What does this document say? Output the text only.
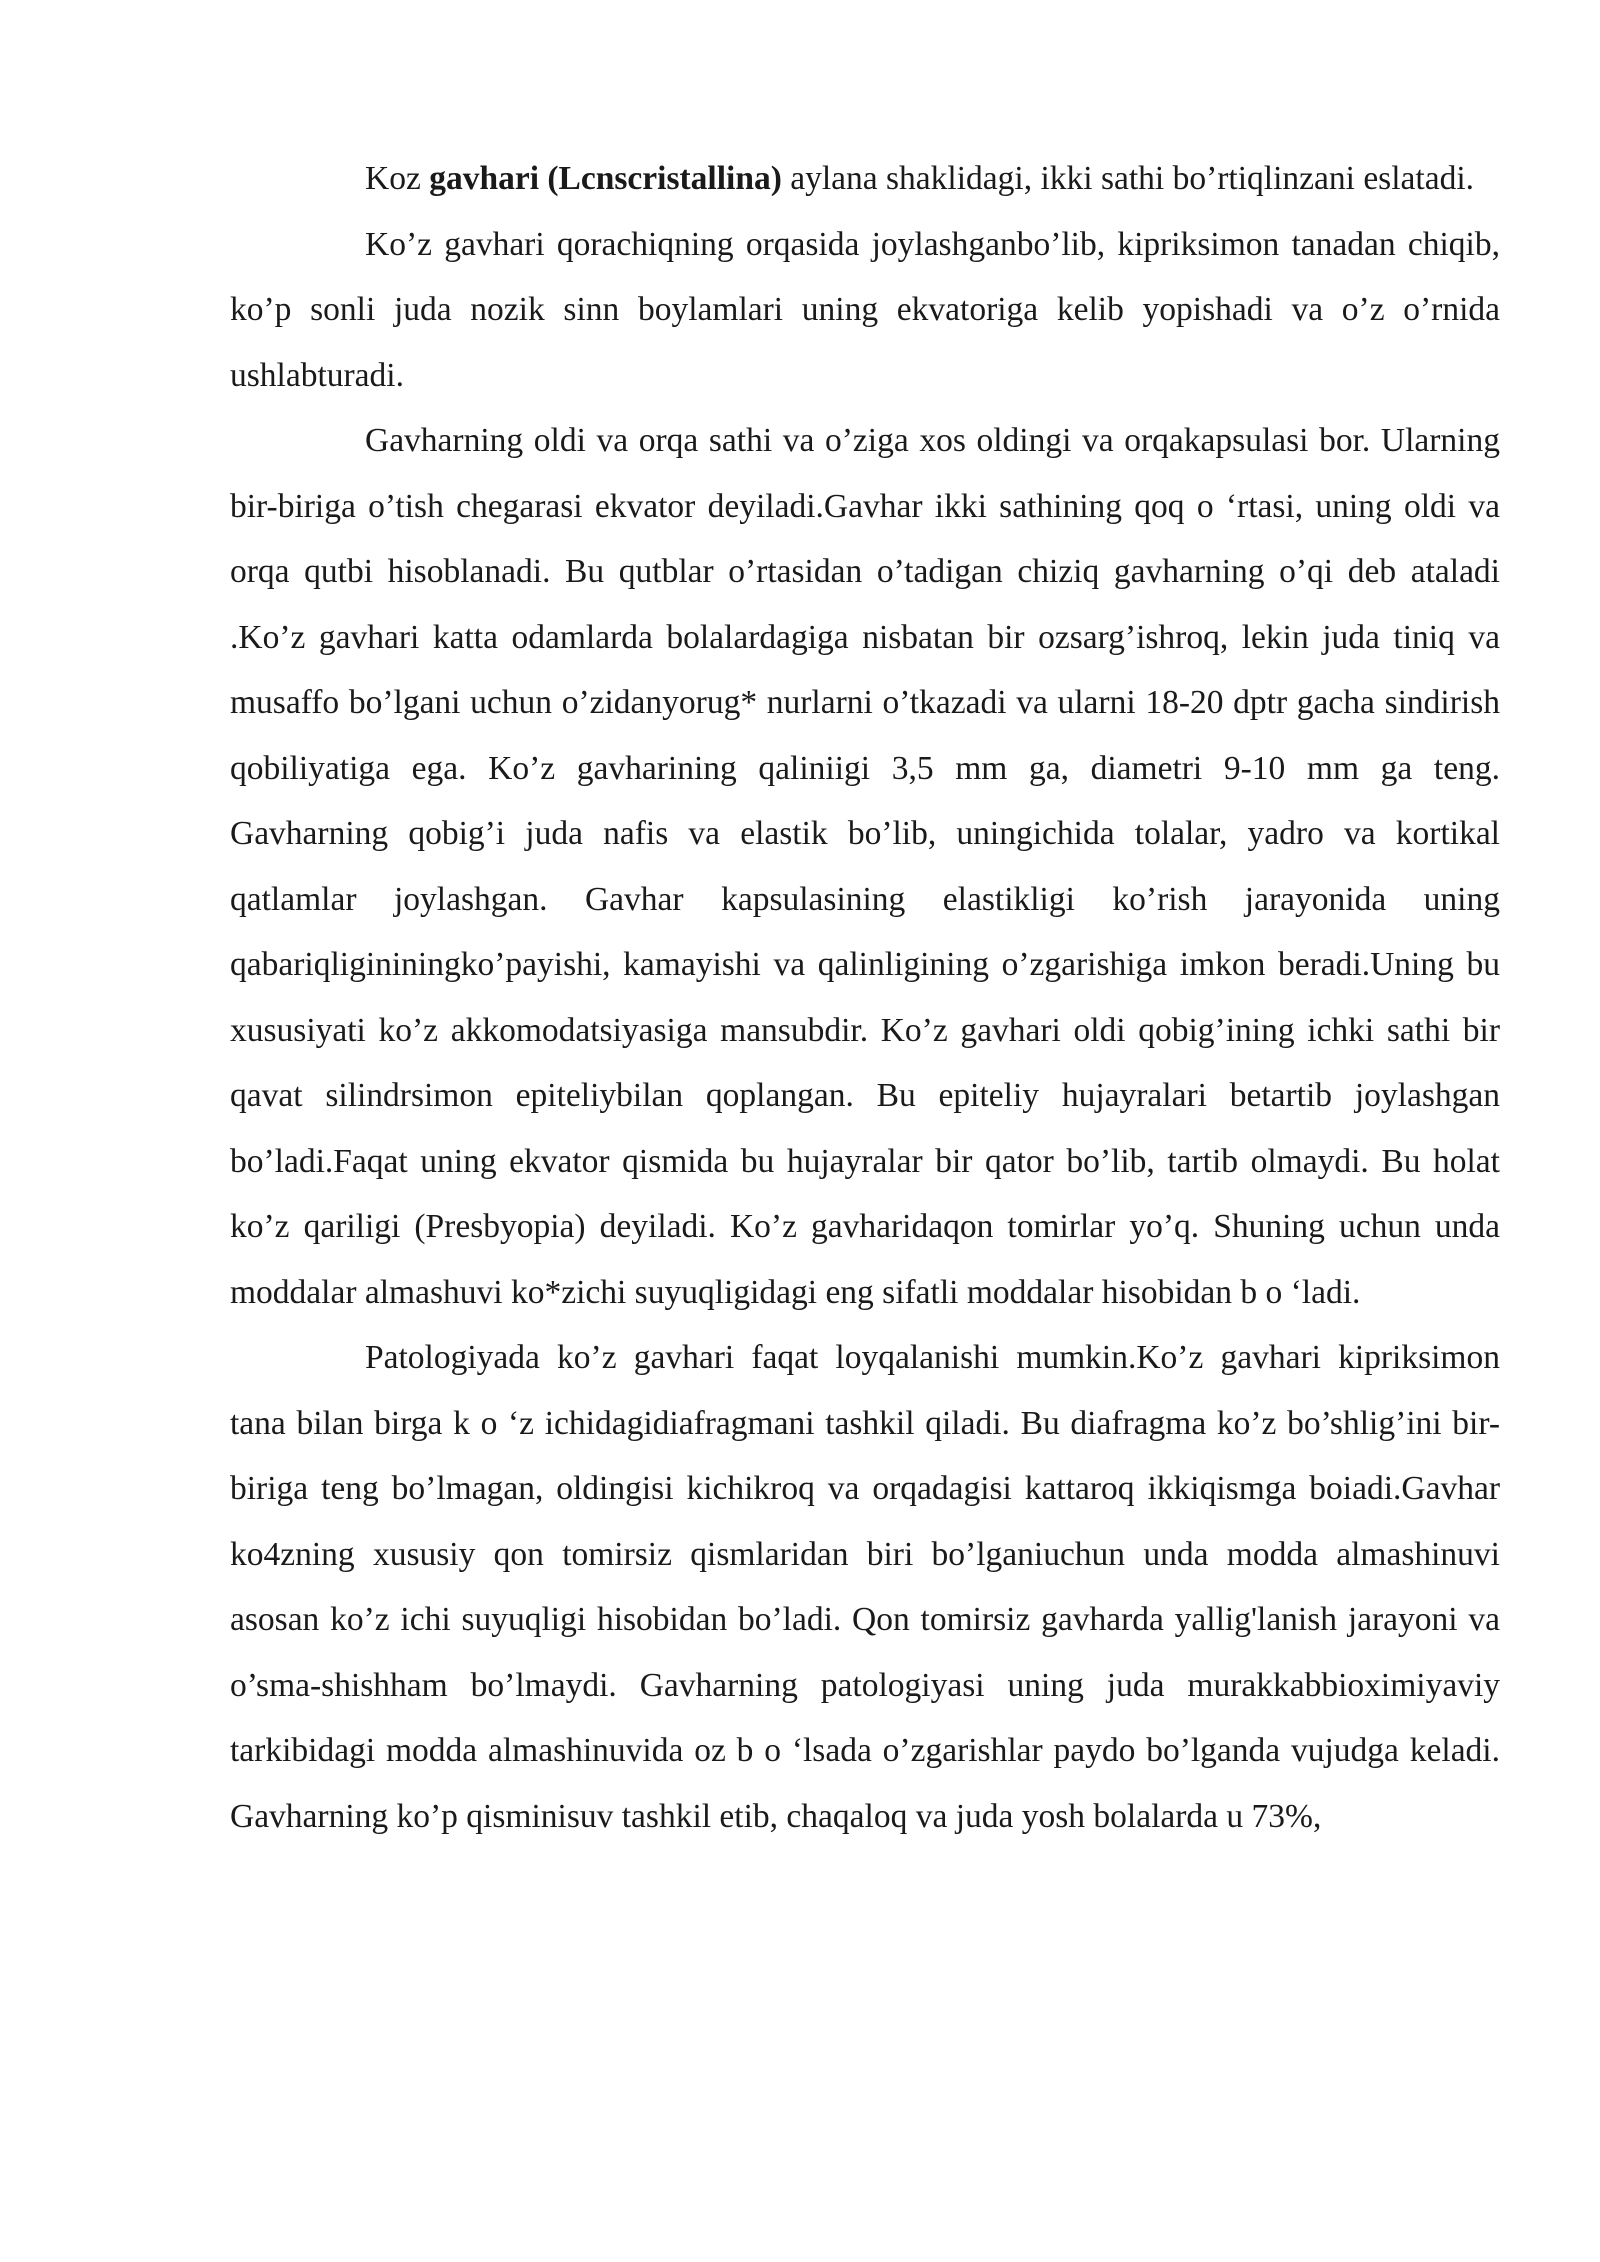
Koz gavhari (Lcnscristallina) aylana shaklidagi, ikki sathi bo’rtiqlinzani eslatadi.

Ko’z gavhari qorachiqning orqasida joylashganbo’lib, kipriksimon tanadan chiqib, ko’p sonli juda nozik sinn boylamlari uning ekvatoriga kelib yopishadi va o’z o’rnida ushlabturadi.

Gavharning oldi va orqa sathi va o’ziga xos oldingi va orqakapsulasi bor. Ularning bir-biriga o’tish chegarasi ekvator deyiladi.Gavhar ikki sathining qoq o ‘rtasi, uning oldi va orqa qutbi hisoblanadi. Bu qutblar o’rtasidan o’tadigan chiziq gavharning o’qi deb ataladi .Ko’z gavhari katta odamlarda bolalardagiga nisbatan bir ozsarg’ishroq, lekin juda tiniq va musaffo bo’lgani uchun o’zidanyorug* nurlarni o’tkazadi va ularni 18-20 dptr gacha sindirish qobiliyatiga ega. Ko’z gavharining qaliniigi 3,5 mm ga, diametri 9-10 mm ga teng. Gavharning qobig’i juda nafis va elastik bo’lib, uningichida tolalar, yadro va kortikal qatlamlar joylashgan. Gavhar kapsulasining elastikligi ko’rish jarayonida uning qabariqligininingko’payishi, kamayishi va qalinligining o’zgarishiga imkon beradi.Uning bu xususiyati ko’z akkomodatsiyasiga mansubdir. Ko’z gavhari oldi qobig’ining ichki sathi bir qavat silindrsimon epiteliybilan qoplangan. Bu epiteliy hujayralari betartib joylashgan bo’ladi.Faqat uning ekvator qismida bu hujayralar bir qator bo’lib, tartib olmaydi. Bu holat ko’z qariligi (Presbyopia) deyiladi. Ko’z gavharidaqon tomirlar yo’q. Shuning uchun unda moddalar almashuvi ko*zichi suyuqligidagi eng sifatli moddalar hisobidan b o ‘ladi.

Patologiyada ko’z gavhari faqat loyqalanishi mumkin.Ko’z gavhari kipriksimon tana bilan birga k o ‘z ichidagidiafragmani tashkil qiladi. Bu diafragma ko’z bo’shlig’ini bir-biriga teng bo’lmagan, oldingisi kichikroq va orqadagisi kattaroq ikkiqismga boiadi.Gavhar ko4zning xususiy qon tomirsiz qismlaridan biri bo’lganiuchun unda modda almashinuvi asosan ko’z ichi suyuqligi hisobidan bo’ladi. Qon tomirsiz gavharda yallig'lanish jarayoni va o’sma-shishham bo’lmaydi. Gavharning patologiyasi uning juda murakkabbioximiyaviy tarkibidagi modda almashinuvida oz b o ‘lsada o’zgarishlar paydo bo’lganda vujudga keladi. Gavharning ko’p qisminisuv tashkil etib, chaqaloq va juda yosh bolalarda u 73%,
